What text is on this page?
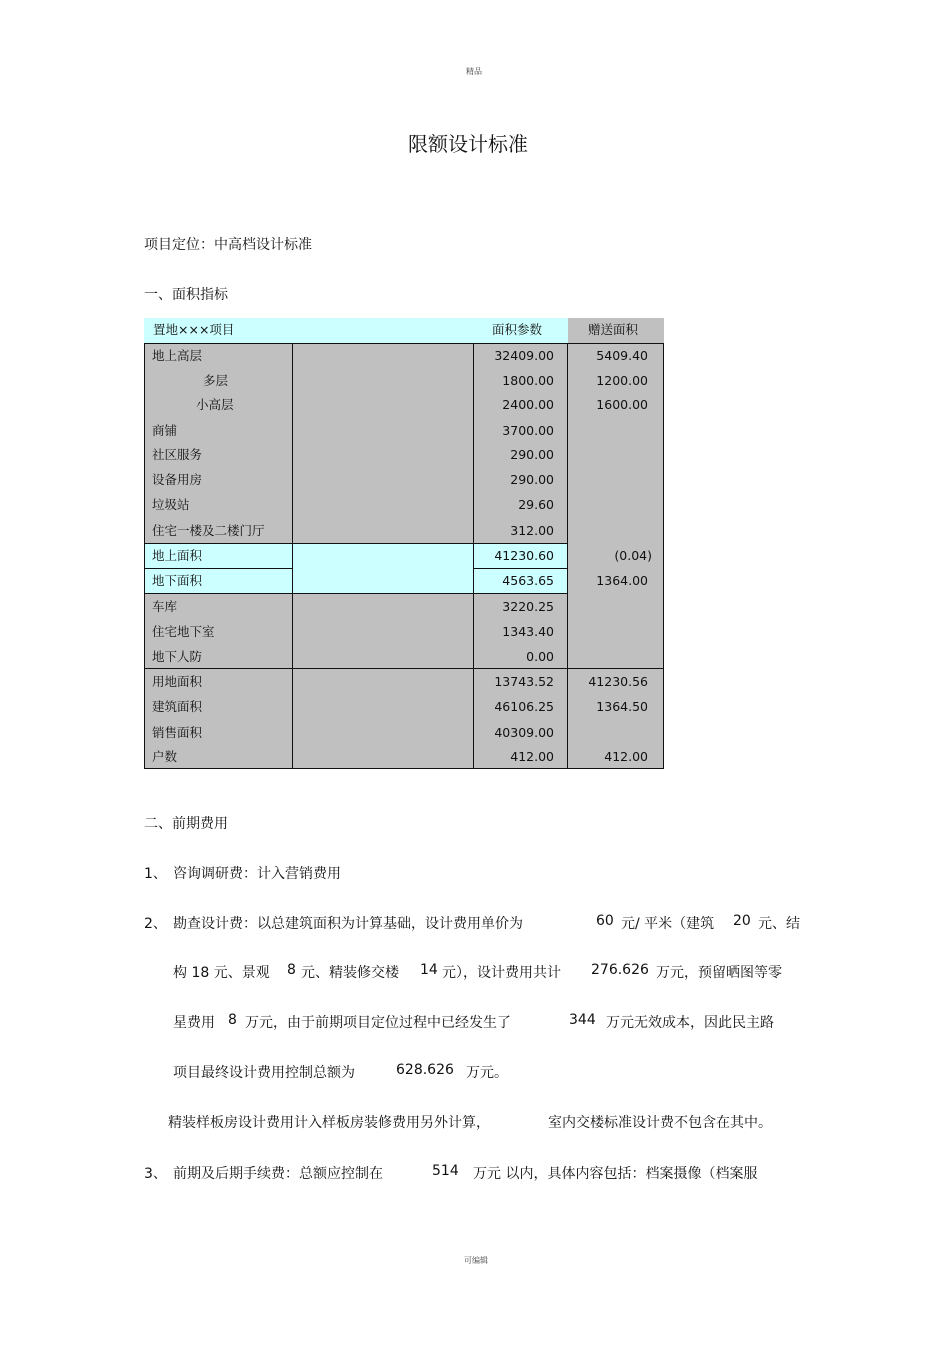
精品
可编辑
限额设计标准
项目定位：中高档设计标准
一、面积指标
置地×××项目	面积参数	赠送面积
地上高层	32409.00	5409.40
多层	1800.00	1200.00
小高层	2400.00	1600.00
商铺	3700.00
社区服务	290.00
设备用房	290.00
垃圾站	29.60
住宅一楼及二楼门厅	312.00
地上面积	41230.60	(0.04)
地下面积	4563.65	1364.00
车库	3220.25
住宅地下室	1343.40
地下人防	0.00
用地面积	13743.52	41230.56
建筑面积	46106.25	1364.50
销售面积	40309.00
户数	412.00	412.00
二、前期费用
1、 咨询调研费：计入营销费用
2、 勘查设计费：以总建筑面积为计算基础，设计费用单价为	60 元/ 平米（建筑 20 元、结
构 18 元、景观 8 元、精装修交楼 14 元），设计费用共计 276.626 万元，预留晒图等零
星费用 8 万元，由于前期项目定位过程中已经发生了	344 万元无效成本，因此民主路
项目最终设计费用控制总额为	628.626 万元。
精装样板房设计费用计入样板房装修费用另外计算，	室内交楼标准设计费不包含在其中。
3、 前期及后期手续费：总额应控制在	514 万元 以内，具体内容包括：档案摄像（档案服
